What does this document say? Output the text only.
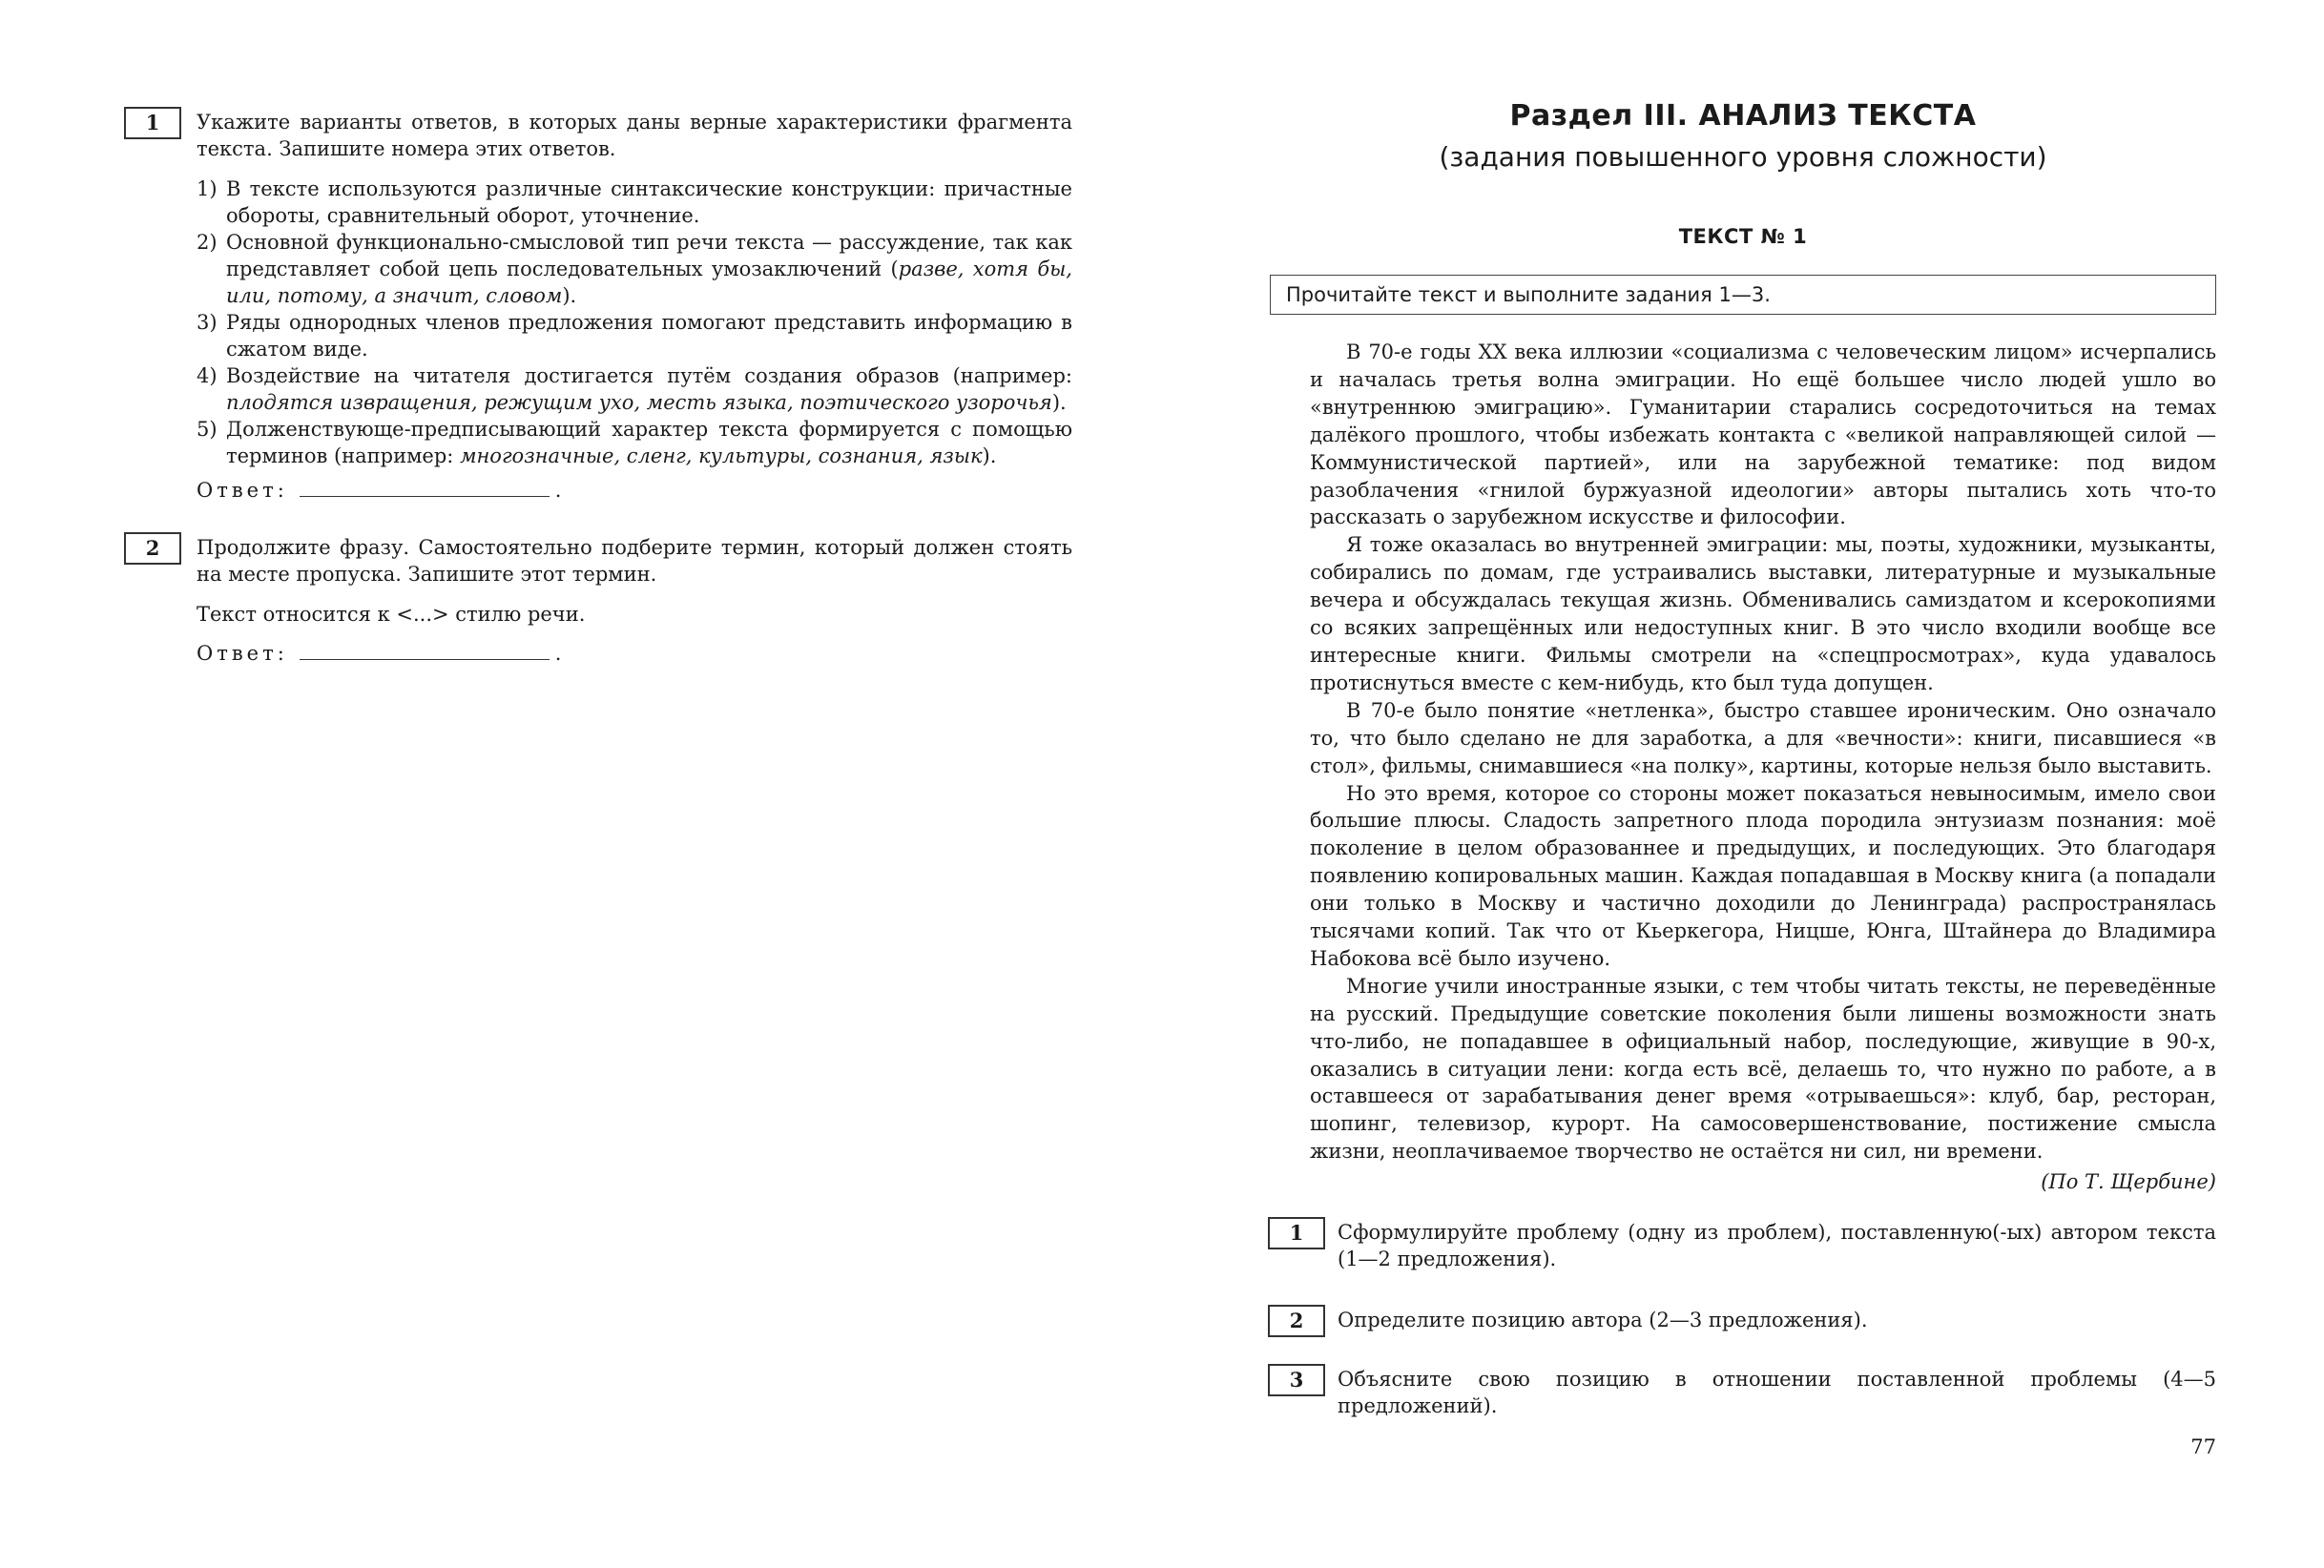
1	Укажите варианты ответов, в которых даны верные характеристики фрагмента текста. Запишите номера этих ответов.

1) В тексте используются различные синтаксические конструкции: причастные обороты, сравнительный оборот, уточнение.
2) Основной функционально-смысловой тип речи текста — рассуждение, так как представляет собой цепь последовательных умозаключений (разве, хотя бы, или, потому, а значит, словом).
3) Ряды однородных членов предложения помогают представить информацию в сжатом виде.
4) Воздействие на читателя достигается путём создания образов (например: плодятся извращения, режущим ухо, месть языка, поэтического узорочья).
5) Долженствующе-предписывающий характер текста формируется с помощью терминов (например: многозначные, сленг, культуры, сознания, язык).
Ответ:	.
2	Продолжите фразу. Самостоятельно подберите термин, который должен стоять на месте пропуска. Запишите этот термин.

Текст относится к <...> стилю речи.
Ответ:	.
Раздел III. АНАЛИЗ ТЕКСТА
(задания повышенного уровня сложности)
ТЕКСТ № 1
Прочитайте текст и выполните задания 1—3.

В 70-е годы XX века иллюзии «социализма с человеческим лицом» исчерпались и началась третья волна эмиграции. Но ещё большее число людей ушло во «внутреннюю эмиграцию». Гуманитарии старались сосредоточиться на темах далёкого прошлого, чтобы избежать контакта с «великой направляющей силой — Коммунистической партией», или на зарубежной тематике: под видом разоблачения «гнилой буржуазной идеологии» авторы пытались хоть что-то рассказать о зарубежном искусстве и философии.

Я тоже оказалась во внутренней эмиграции: мы, поэты, художники, музыканты, собирались по домам, где устраивались выставки, литературные и музыкальные вечера и обсуждалась текущая жизнь. Обменивались самиздатом и ксерокопиями со всяких запрещённых или недоступных книг. В это число входили вообще все интересные книги. Фильмы смотрели на «спецпросмотрах», куда удавалось протиснуться вместе с кем-нибудь, кто был туда допущен.

В 70-е было понятие «нетленка», быстро ставшее ироническим. Оно означало то, что было сделано не для заработка, а для «вечности»: книги, писавшиеся «в стол», фильмы, снимавшиеся «на полку», картины, которые нельзя было выставить.

Но это время, которое со стороны может показаться невыносимым, имело свои большие плюсы. Сладость запретного плода породила энтузиазм познания: моё поколение в целом образованнее и предыдущих, и последующих. Это благодаря появлению копировальных машин. Каждая попадавшая в Москву книга (а попадали они только в Москву и частично доходили до Ленинграда) распространялась тысячами копий. Так что от Кьеркегора, Ницше, Юнга, Штайнера до Владимира Набокова всё было изучено.

Многие учили иностранные языки, с тем чтобы читать тексты, не переведённые на русский. Предыдущие советские поколения были лишены возможности знать что-либо, не попадавшее в официальный набор, последующие, живущие в 90-х, оказались в ситуации лени: когда есть всё, делаешь то, что нужно по работе, а в оставшееся от зарабатывания денег время «отрываешься»: клуб, бар, ресторан, шопинг, телевизор, курорт. На самосовершенствование, постижение смысла жизни, неоплачиваемое творчество не остаётся ни сил, ни времени.

(По Т. Щербине)
1	Сформулируйте проблему (одну из проблем), поставленную(-ых) автором текста (1—2 предложения).
2	Определите позицию автора (2—3 предложения).
3	Объясните свою позицию в отношении поставленной проблемы (4—5 предложений).
77
